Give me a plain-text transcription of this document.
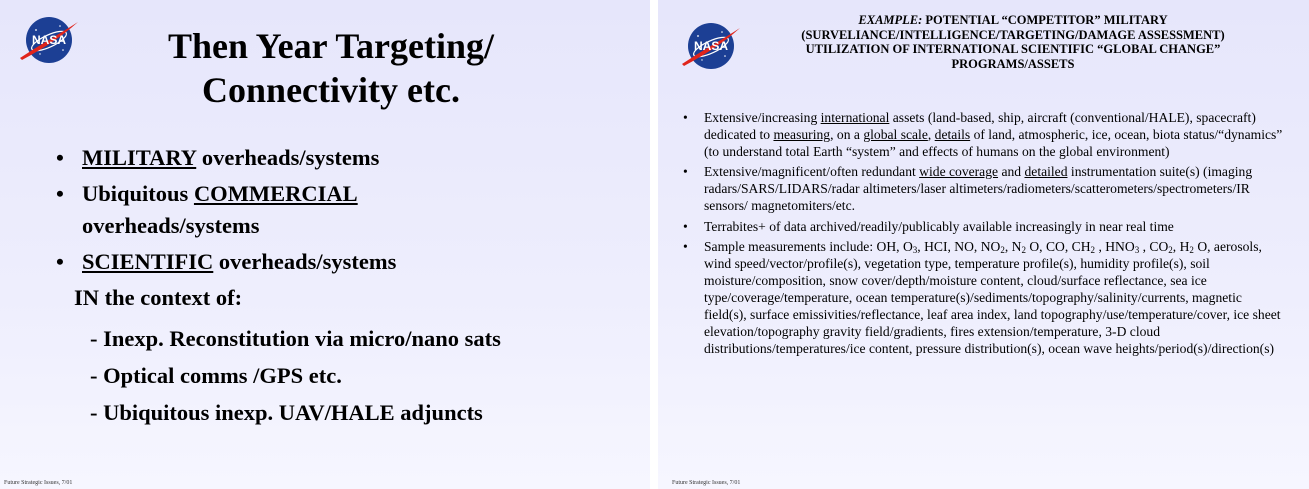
NASA	Then Year Targeting/
Connectivity etc.
• MILITARY overheads/systems
• Ubiquitous COMMERCIAL
overheads/systems
• SCIENTIFIC overheads/systems
IN the context of:
- Inexp. Reconstitution via micro/nano sats
- Optical comms /GPS etc.
- Ubiquitous inexp. UAV/HALE adjuncts
Future Strategic Issues, 7/01
NASA
EXAMPLE: POTENTIAL “COMPETITOR” MILITARY
(SURVELIANCE/INTELLIGENCE/TARGETING/DAMAGE ASSESSMENT)
UTILIZATION OF INTERNATIONAL SCIENTIFIC “GLOBAL CHANGE”
PROGRAMS/ASSETS
• Extensive/increasing international assets (land-based, ship, aircraft (conventional/HALE), spacecraft) dedicated to measuring, on a global scale, details of land, atmospheric, ice, ocean, biota status/“dynamics” (to understand total Earth “system” and effects of humans on the global environment)
• Extensive/magnificent/often redundant wide coverage and detailed instrumentation suite(s) (imaging radars/SARS/LIDARS/radar altimeters/laser altimeters/radiometers/scatterometers/spectrometers/IR sensors/ magnetomiters/etc.
• Terrabites+ of data archived/readily/publicably available increasingly in near real time
• Sample measurements include: OH, $O_3$, HCI, NO, $NO_2$, $N_2$ O, CO, $CH_2$ , $HNO_3$ , $CO_2$, $H_2$ O, aerosols, wind speed/vector/profile(s), vegetation type, temperature profile(s), humidity profile(s), soil moisture/composition, snow cover/depth/moisture content, cloud/surface reflectance, sea ice type/coverage/temperature, ocean temperature(s)/sediments/topography/salinity/currents, magnetic field(s), surface emissivities/reflectance, leaf area index, land topography/use/temperature/cover, ice sheet elevation/topography gravity field/gradients, fires extension/temperature, 3-D cloud distributions/temperatures/ice content, pressure distribution(s), ocean wave heights/period(s)/direction(s)
Future Strategic Issues, 7/01
